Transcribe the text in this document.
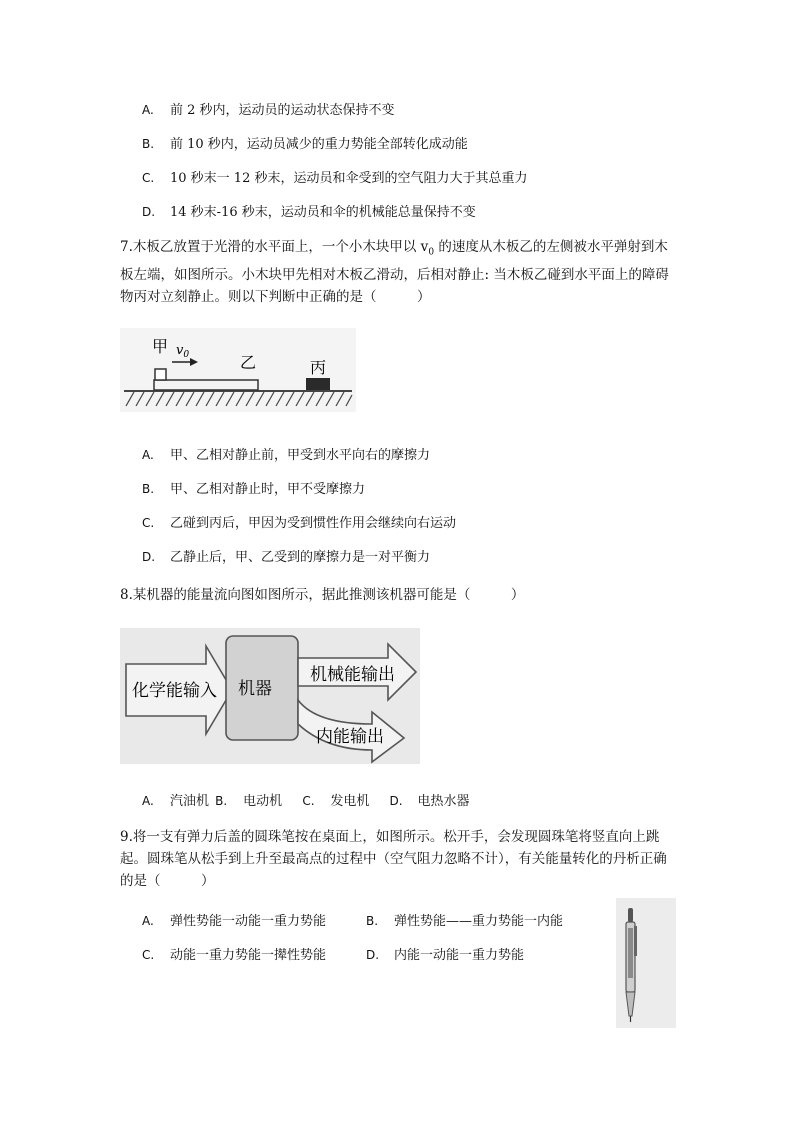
A. 前 2 秒内，运动员的运动状态保持不变
B. 前 10 秒内，运动员减少的重力势能全部转化成动能
C. 10 秒末一 12 秒末，运动员和伞受到的空气阻力大于其总重力
D. 14 秒末-16 秒末，运动员和伞的机械能总量保持不变
7.木板乙放置于光滑的水平面上，一个小木块甲以 $v_0$ 的速度从木板乙的左侧被水平弹射到木板左端，如图所示。小木块甲先相对木板乙滑动，后相对静止: 当木板乙碰到水平面上的障碍物丙对立刻静止。则以下判断中正确的是（　　　）
甲 $v_0$	乙	丙
A. 甲、乙相对静止前，甲受到水平向右的摩擦力
B. 甲、乙相对静止时，甲不受摩擦力
C. 乙碰到丙后，甲因为受到惯性作用会继续向右运动
D. 乙静止后，甲、乙受到的摩擦力是一对平衡力
8.某机器的能量流向图如图所示，据此推测该机器可能是（　　　）
化学能输入 机器
机械能输出
内能输出
A. 汽油机 B. 电动机 C. 发电机 D. 电热水器
9.将一支有弹力后盖的圆珠笔按在桌面上，如图所示。松开手，会发现圆珠笔将竖直向上跳起。圆珠笔从松手到上升至最高点的过程中（空气阻力忽略不计），有关能量转化的丹析正确的是（　　　）
A. 弹性势能一动能一重力势能	B. 弹性势能——重力势能一内能
C. 动能一重力势能一撵性势能	D. 内能一动能一重力势能
